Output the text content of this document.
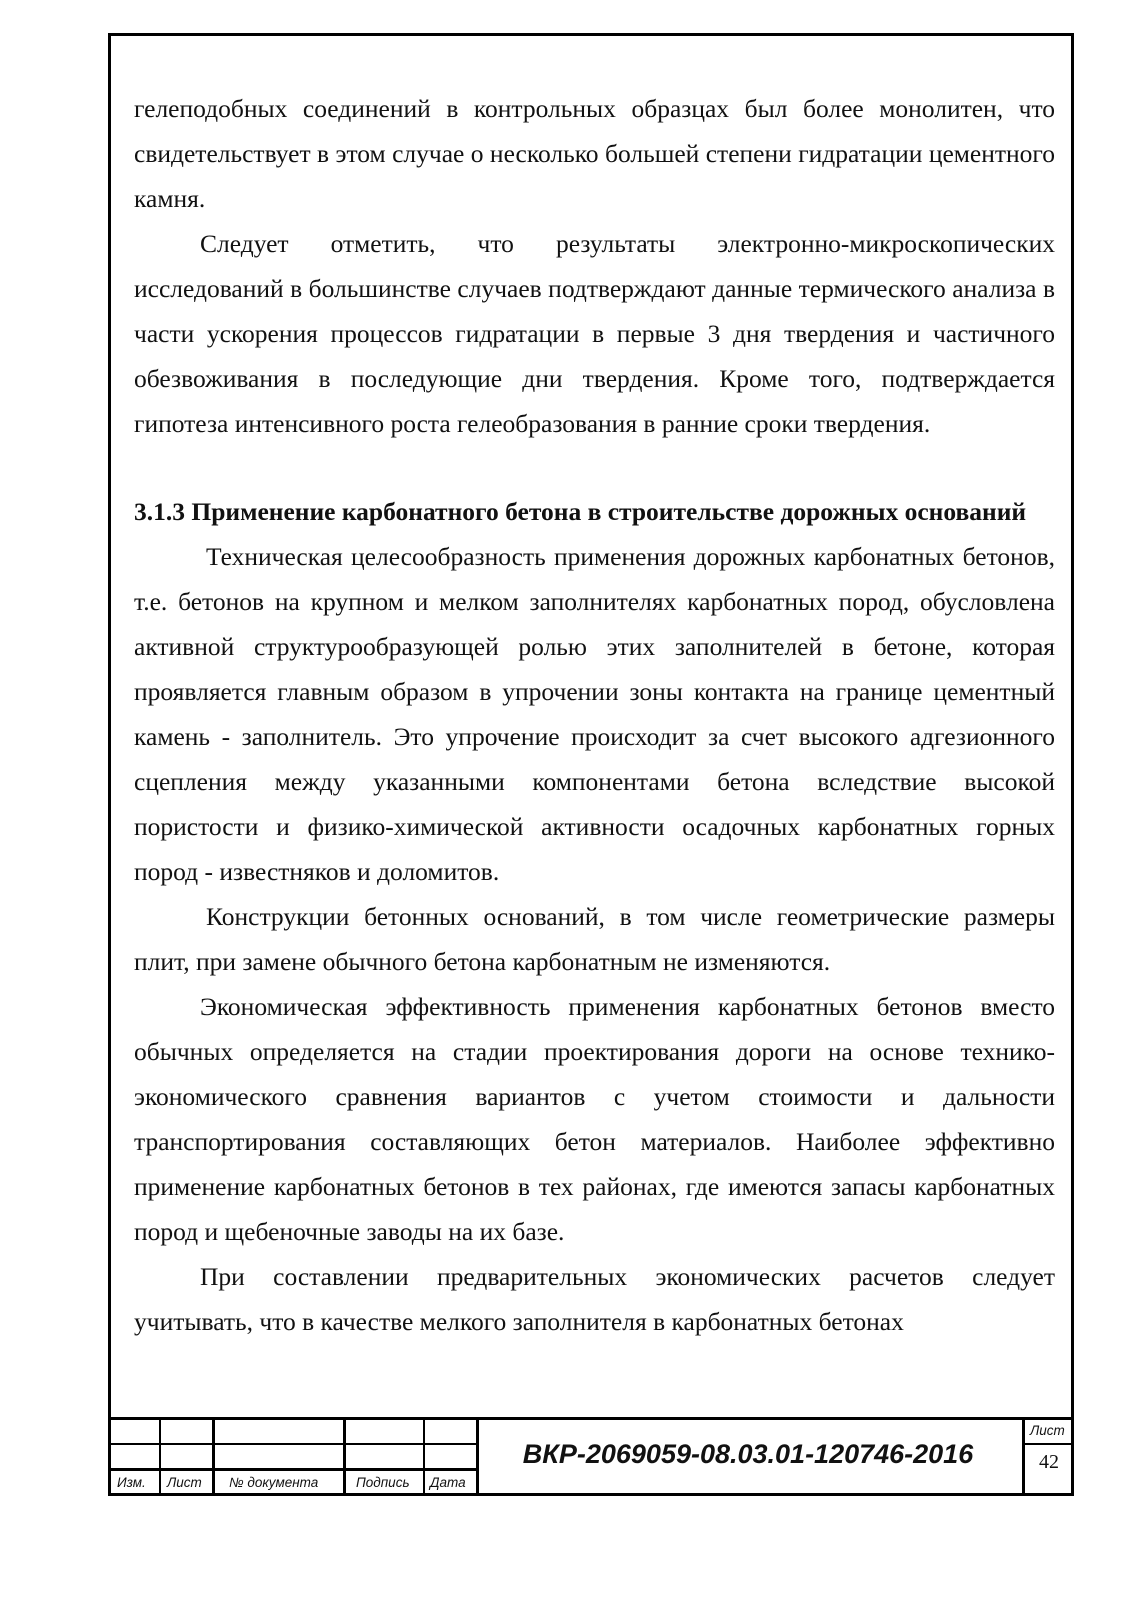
гелеподобных соединений в контрольных образцах был более монолитен, что свидетельствует в этом случае о несколько большей степени гидратации цементного камня.

Следует отметить, что результаты электронно-микроскопических исследований в большинстве случаев подтверждают данные термического анализа в части ускорения процессов гидратации в первые 3 дня твердения и частичного обезвоживания в последующие дни твердения. Кроме того, подтверждается гипотеза интенсивного роста гелеобразования в ранние сроки твердения.

3.1.3 Применение карбонатного бетона в строительстве дорожных оснований

Техническая целесообразность применения дорожных карбонатных бетонов, т.е. бетонов на крупном и мелком заполнителях карбонатных пород, обусловлена активной структурообразующей ролью этих заполнителей в бетоне, которая проявляется главным образом в упрочении зоны контакта на границе цементный камень - заполнитель. Это упрочение происходит за счет высокого адгезионного сцепления между указанными компонентами бетона вследствие высокой пористости и физико-химической активности осадочных карбонатных горных пород - известняков и доломитов.

Конструкции бетонных оснований, в том числе геометрические размеры плит, при замене обычного бетона карбонатным не изменяются.

Экономическая эффективность применения карбонатных бетонов вместо обычных определяется на стадии проектирования дороги на основе технико-экономического сравнения вариантов с учетом стоимости и дальности транспортирования составляющих бетон материалов. Наиболее эффективно применение карбонатных бетонов в тех районах, где имеются запасы карбонатных пород и щебеночные заводы на их базе.

При составлении предварительных экономических расчетов следует учитывать, что в качестве мелкого заполнителя в карбонатных бетонах

Изм. Лист № документа	Подпись Дата
ВКР-2069059-08.03.01-120746-2016
Лист
42
